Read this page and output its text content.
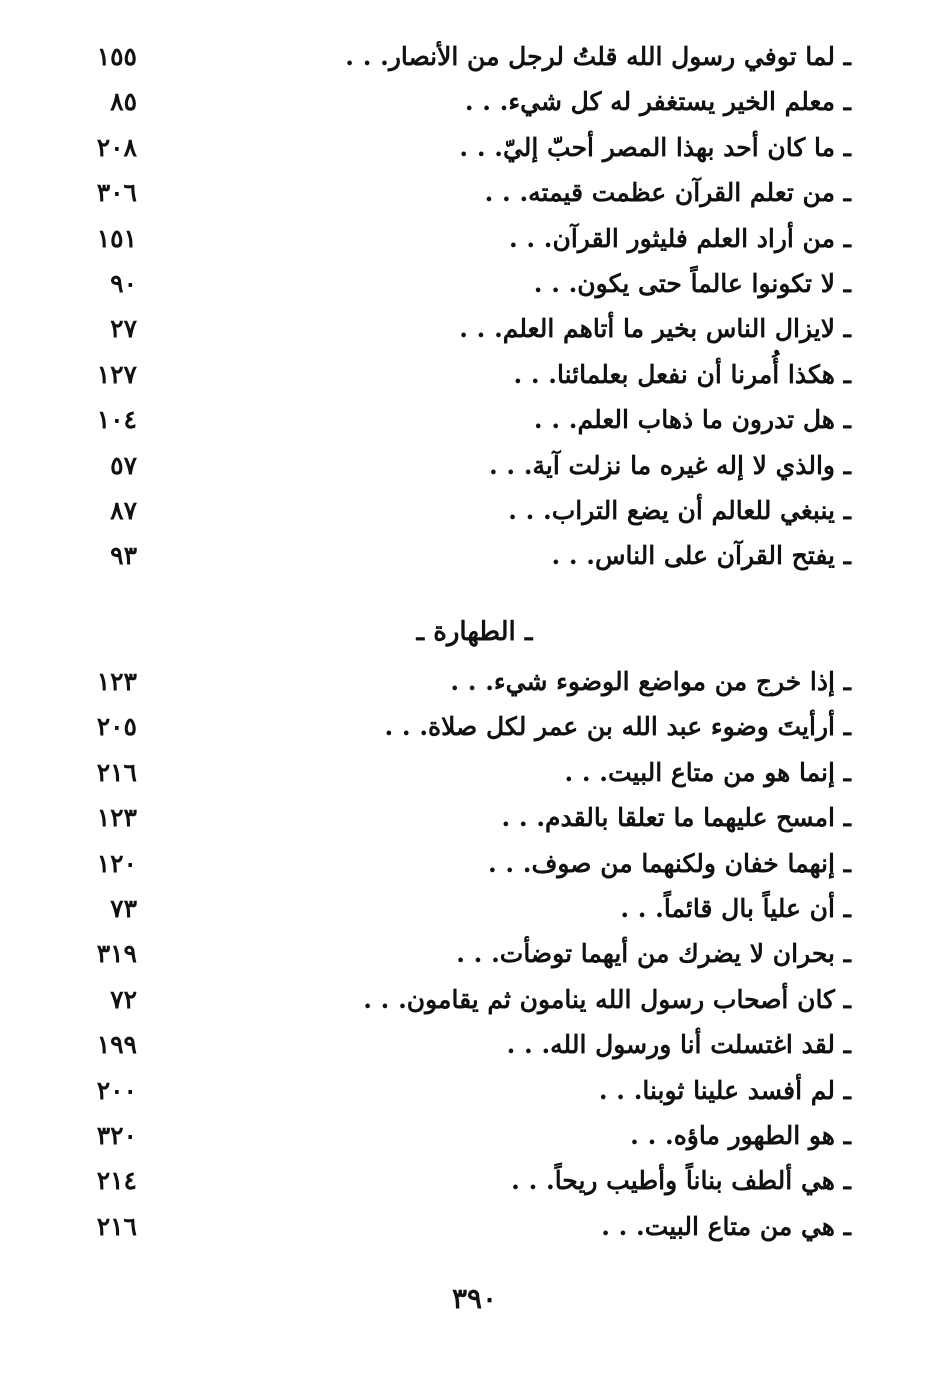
ـ لما توفي رسول الله قلتُ لرجل من الأنصار. . .
١٥٥
ـ معلم الخير يستغفر له كل شيء. . .
٨٥
ـ ما كان أحد بهذا المصر أحبّ إليّ. . .
٢٠٨
ـ من تعلم القرآن عظمت قيمته. . .
٣٠٦
ـ من أراد العلم فليثور القرآن. . .
١٥١
ـ لا تكونوا عالماً حتى يكون. . .
٩٠
ـ لايزال الناس بخير ما أتاهم العلم. . .
٢٧
ـ هكذا أُمرنا أن نفعل بعلمائنا. . .
١٢٧
ـ هل تدرون ما ذهاب العلم. . .
١٠٤
ـ والذي لا إله غيره ما نزلت آية. . .
٥٧
ـ ينبغي للعالم أن يضع التراب. . .
٨٧
ـ يفتح القرآن على الناس. . .
٩٣
ـ الطهارة ـ
ـ إذا خرج من مواضع الوضوء شيء. . .
١٢٣
ـ أرأيتَ وضوء عبد الله بن عمر لكل صلاة. . .
٢٠٥
ـ إنما هو من متاع البيت. . .
٢١٦
ـ امسح عليهما ما تعلقا بالقدم. . .
١٢٣
ـ إنهما خفان ولكنهما من صوف. . .
١٢٠
ـ أن علياً بال قائماً. . .
٧٣
ـ بحران لا يضرك من أيهما توضأت. . .
٣١٩
ـ كان أصحاب رسول الله ينامون ثم يقامون. . .
٧٢
ـ لقد اغتسلت أنا ورسول الله. . .
١٩٩
ـ لم أفسد علينا ثوبنا. . .
٢٠٠
ـ هو الطهور ماؤه. . .
٣٢٠
ـ هي ألطف بناناً وأطيب ريحاً. . .
٢١٤
ـ هي من متاع البيت. . .
٢١٦
٣٩٠
